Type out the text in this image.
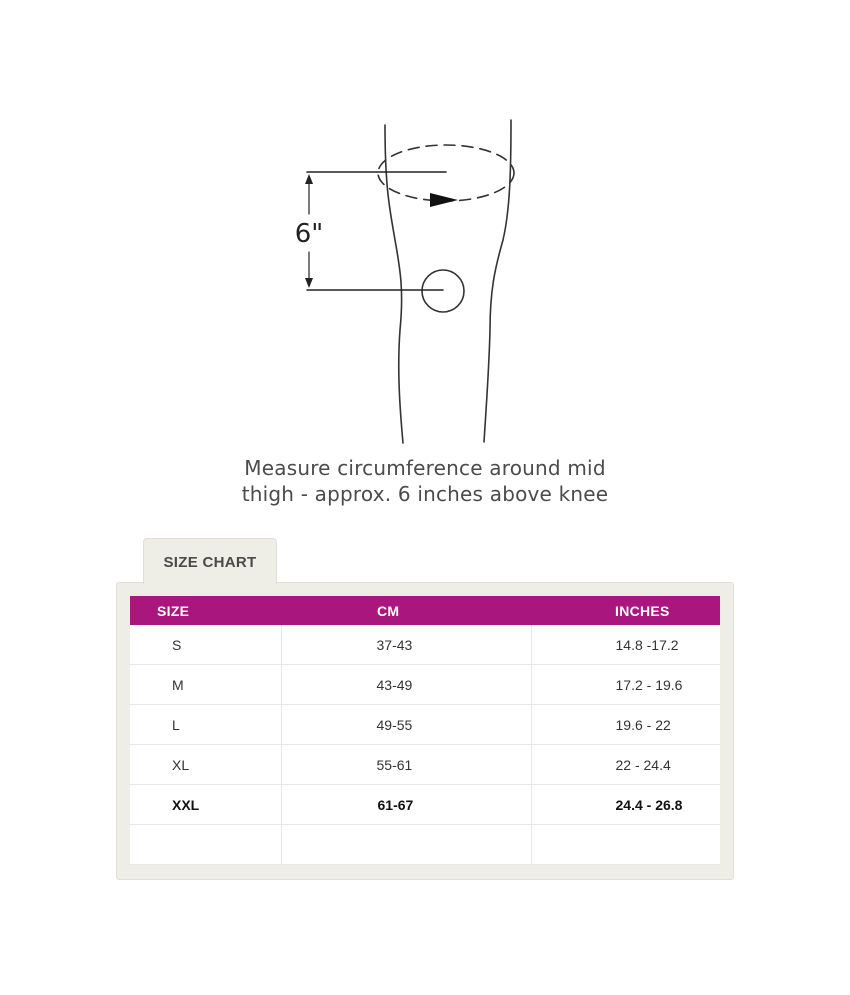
6"
Measure circumference around mid
thigh - approx. 6 inches above knee
SIZE CHART
SIZE	CM	INCHES
S	37-43	14.8 -17.2
M	43-49	17.2 - 19.6
L	49-55	19.6 - 22
XL	55-61	22 - 24.4
XXL	61-67	24.4 - 26.8
